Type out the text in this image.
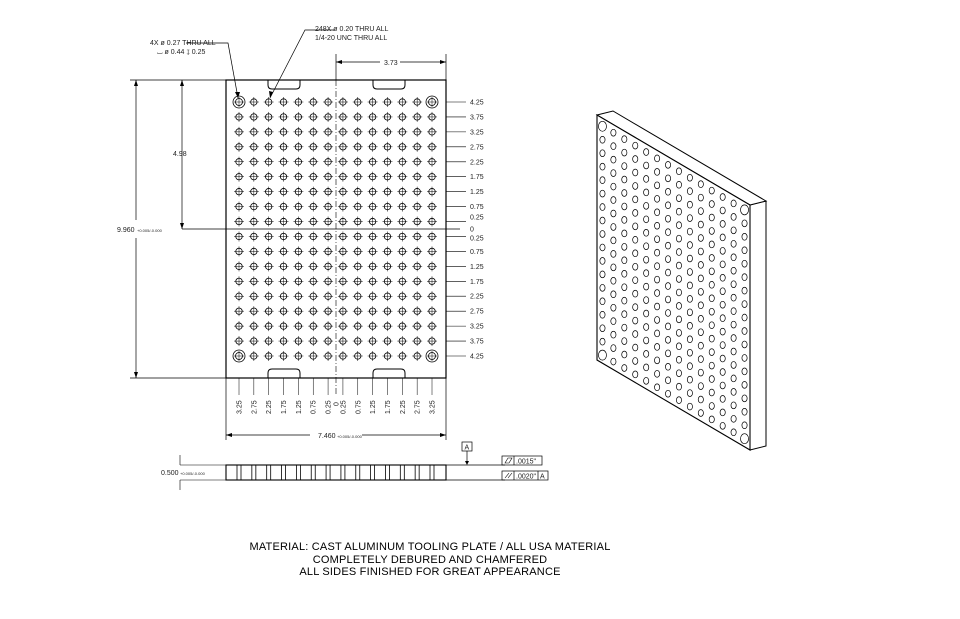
4X ø 0.27 THRU ALL
⌴ ø 0.44 ↧ 0.25
248X ø 0.20 THRU ALL
1/4-20 UNC THRU ALL
3.73
4.98
9.960 +0.005/-0.000
7.460 +0.005/-0.000
4.25
3.75
3.25
2.75
2.25
1.75
1.25
0.75
0.25
0
0.25
0.75
1.25
1.75
2.25
2.75
3.25
3.75
4.25
3.25 2.75 2.25 1.75 1.25 0.75 0.25 0 0.25 0.75 1.25 1.75 2.25 2.75 3.25
A
.0015"
.0020" A
0.500 +0.005/-0.000
MATERIAL: CAST ALUMINUM TOOLING PLATE / ALL USA MATERIAL
COMPLETELY DEBURED AND CHAMFERED
ALL SIDES FINISHED FOR GREAT APPEARANCE
